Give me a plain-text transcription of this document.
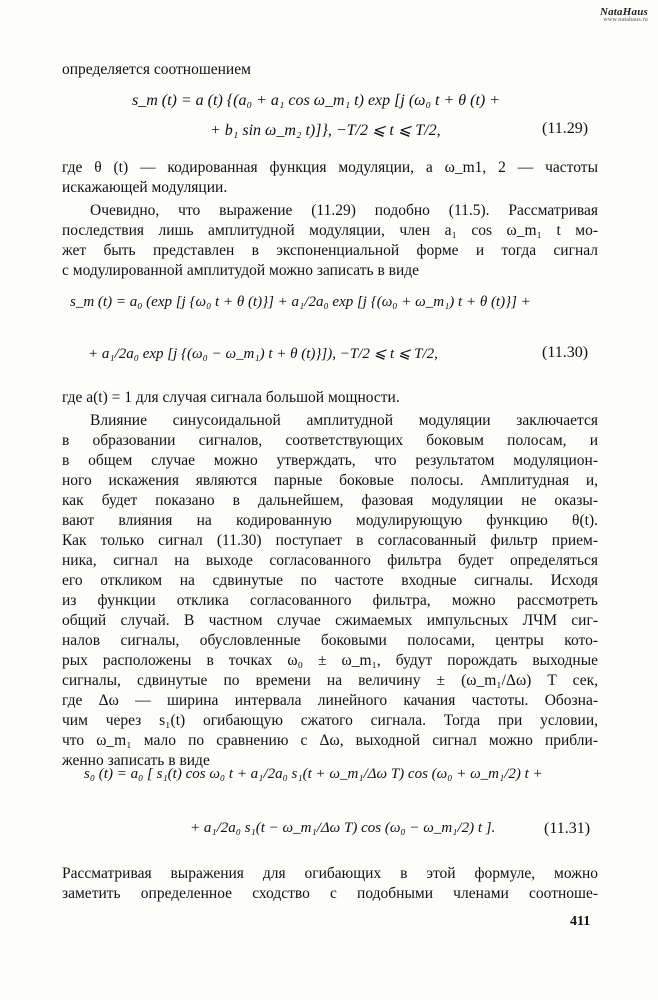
NataHaus
www.natahaus.ru
определяется соотношением
s_m (t) = a (t) {(a₀ + a₁ cos ω_m₁ t) exp [j (ω₀ t + θ (t) +
+ b₁ sin ω_m₂ t)]}, −T/2 ⩽ t ⩽ T/2,	(11.29)
где θ (t) — кодированная функция модуляции, а ω_m1, 2 — частоты
искажающей модуляции.
Очевидно, что выражение (11.29) подобно (11.5). Рассматривая
последствия лишь амплитудной модуляции, член a₁ cos ω_m₁ t мо-
жет быть представлен в экспоненциальной форме и тогда сигнал
с модулированной амплитудой можно записать в виде
s_m (t) = a₀ (exp [j {ω₀ t + θ (t)}] + a₁/2a₀ exp [j {(ω₀ + ω_m₁) t + θ (t)}] +
+ a₁/2a₀ exp [j {(ω₀ − ω_m₁) t + θ (t)}]), −T/2 ⩽ t ⩽ T/2,	(11.30)
где a(t) = 1 для случая сигнала большой мощности.
Влияние синусоидальной амплитудной модуляции заключается
в образовании сигналов, соответствующих боковым полосам, и
в общем случае можно утверждать, что результатом модуляцион-
ного искажения являются парные боковые полосы. Амплитудная и,
как будет показано в дальнейшем, фазовая модуляции не оказы-
вают влияния на кодированную модулирующую функцию θ(t).
Как только сигнал (11.30) поступает в согласованный фильтр прием-
ника, сигнал на выходе согласованного фильтра будет определяться
его откликом на сдвинутые по частоте входные сигналы. Исходя
из функции отклика согласованного фильтра, можно рассмотреть
общий случай. В частном случае сжимаемых импульсных ЛЧМ сиг-
налов сигналы, обусловленные боковыми полосами, центры кото-
рых расположены в точках ω₀ ± ω_m₁, будут порождать выходные
сигналы, сдвинутые по времени на величину ± (ω_m₁/Δω) T сек,
где Δω — ширина интервала линейного качания частоты. Обозна-
чим через s₁(t) огибающую сжатого сигнала. Тогда при условии,
что ω_m₁ мало по сравнению с Δω, выходной сигнал можно прибли-
женно записать в виде
s₀ (t) = a₀ [ s₁(t) cos ω₀ t + a₁/2a₀ s₁(t + ω_m₁/Δω T) cos (ω₀ + ω_m₁/2) t +
+ a₁/2a₀ s₁(t − ω_m₁/Δω T) cos (ω₀ − ω_m₁/2) t ].	(11.31)
Рассматривая выражения для огибающих в этой формуле, можно
заметить определенное сходство с подобными членами соотноше-
411
